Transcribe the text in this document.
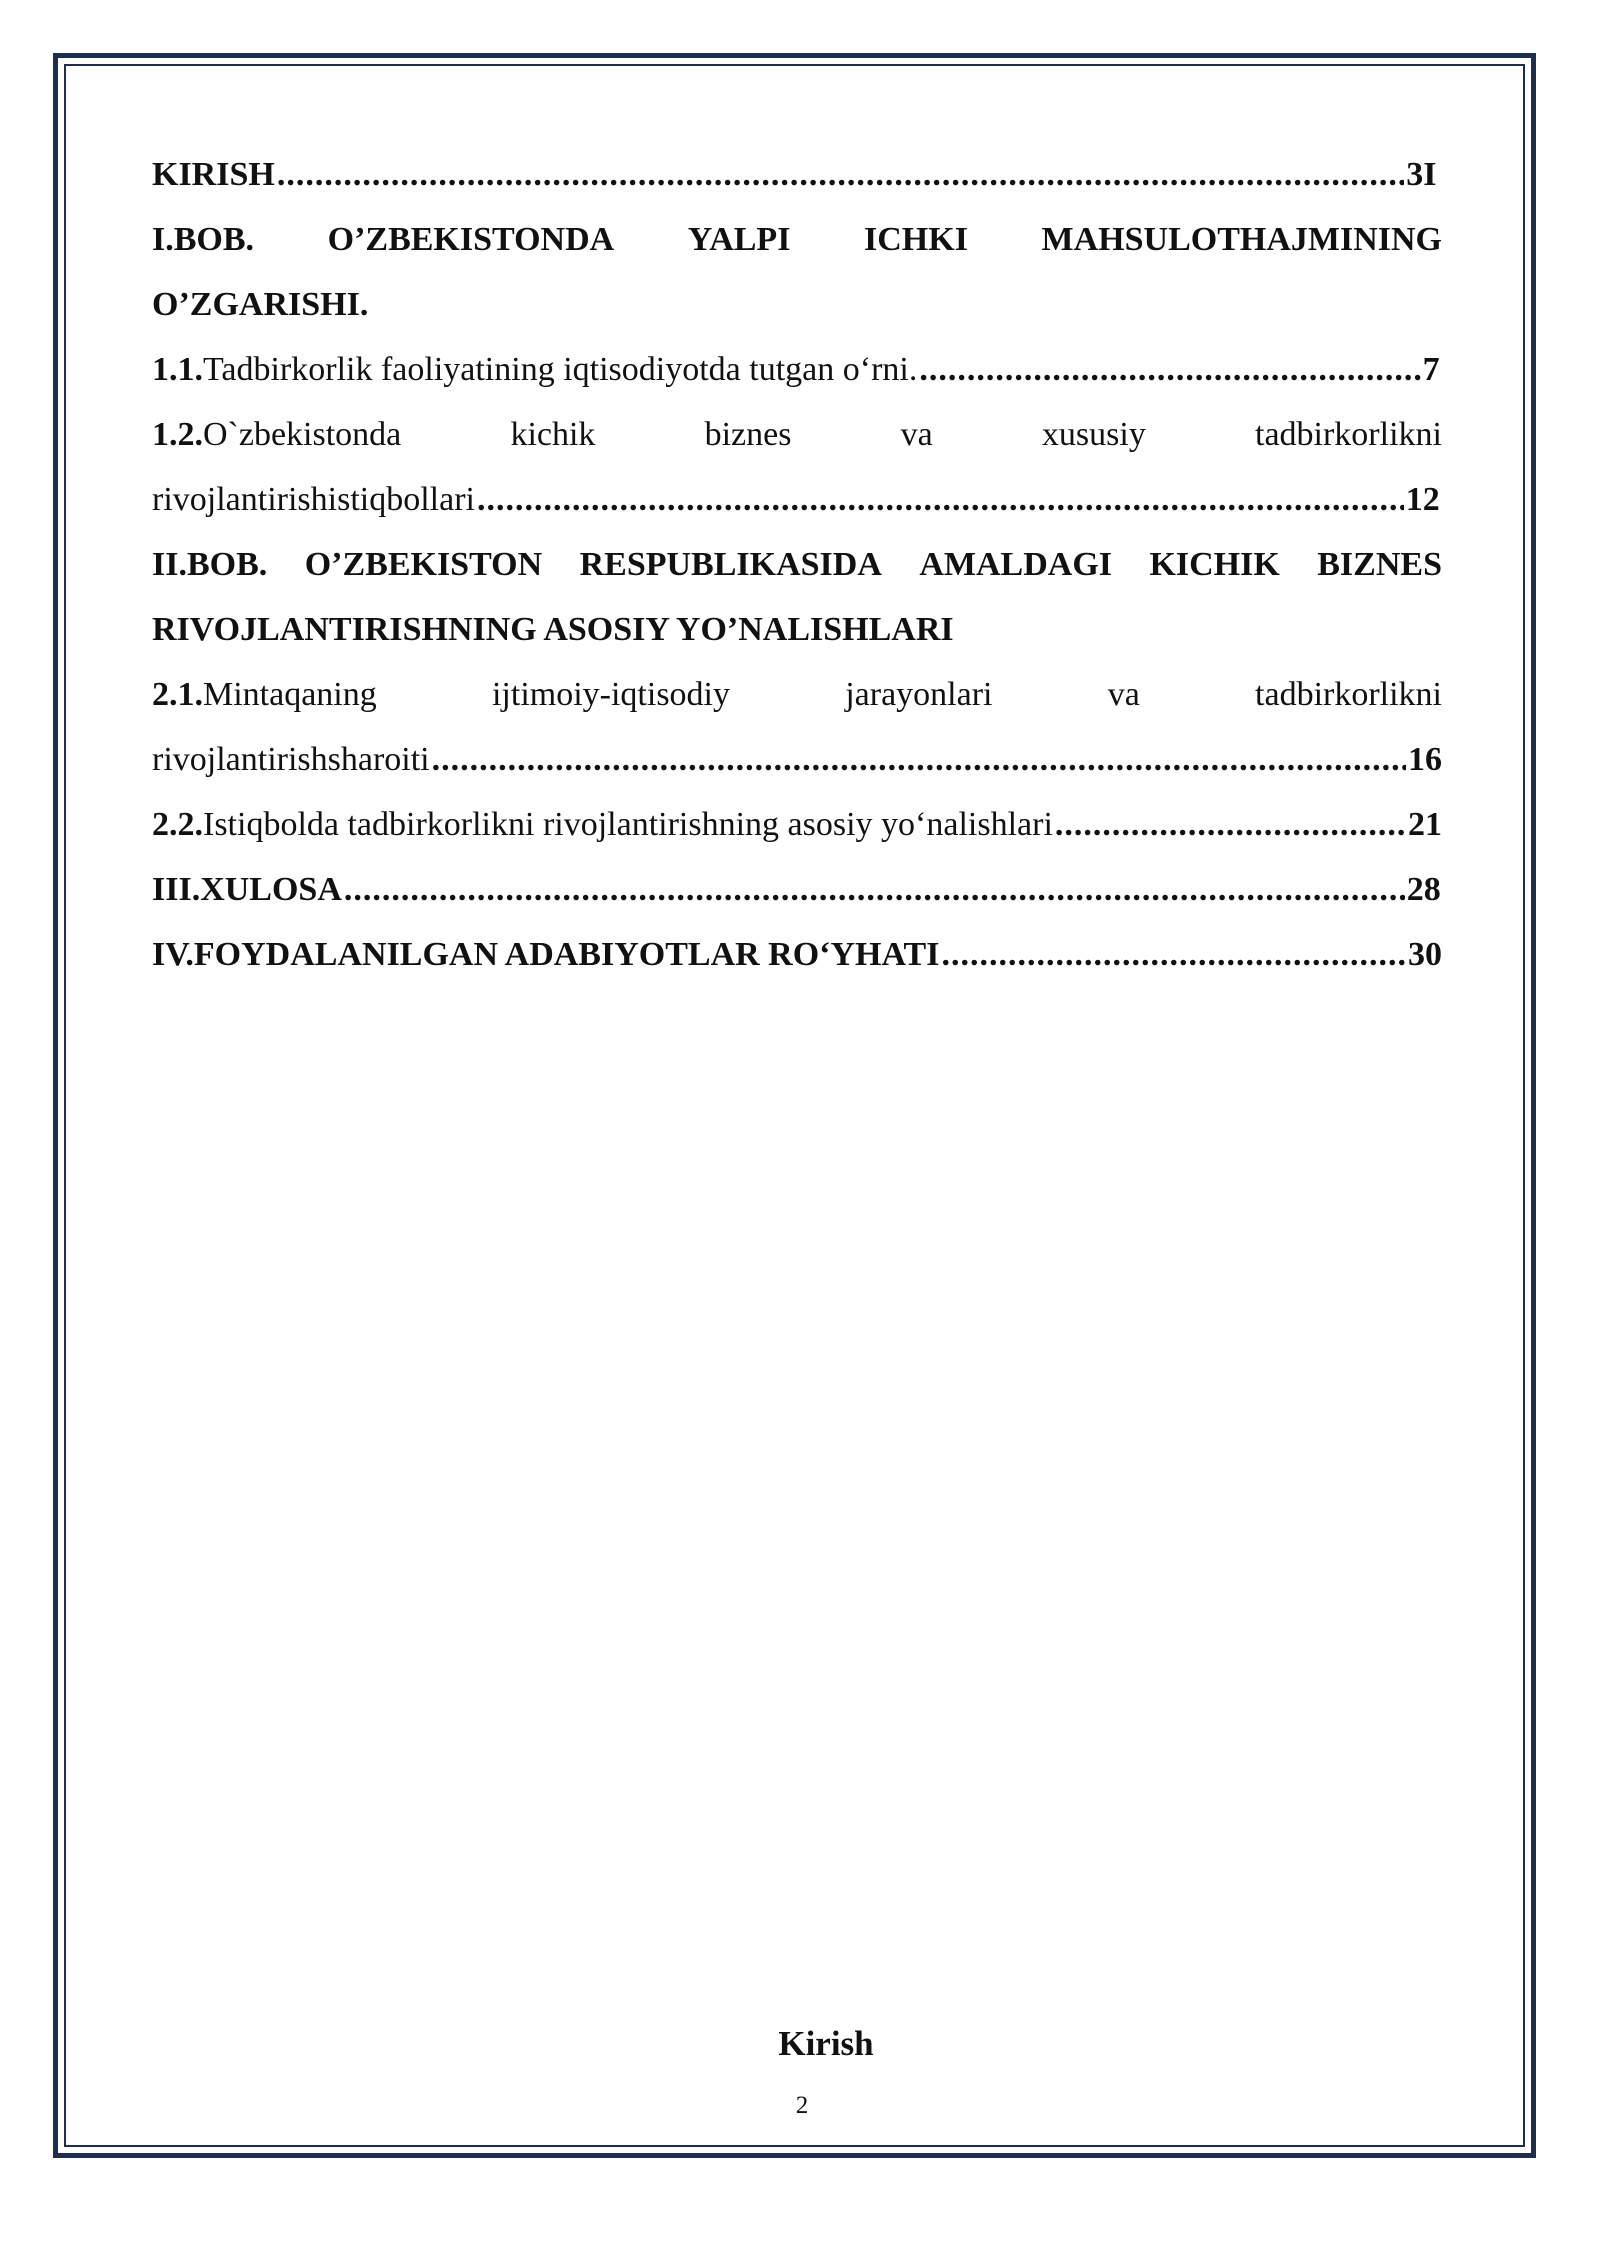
KIRISH .....	3I
I.BOB. O’ZBEKISTONDA YALPI ICHKI MAHSULOTHAJMINING
O’ZGARISHI.
1.1. Tadbirkorlik faoliyatining iqtisodiyotda tutgan o‘rni. .....	7
1.2.O`zbekistonda	kichik	biznes	va	xususiy	tadbirkorlikni
rivojlantirishistiqbollari .....	12
II.BOB. O’ZBEKISTON RESPUBLIKASIDA AMALDAGI KICHIK BIZNES
RIVOJLANTIRISHNING ASOSIY YO’NALISHLARI
2.1.Mintaqaning	ijtimoiy-iqtisodiy	jarayonlari	va	tadbirkorlikni
rivojlantirishsharoiti .....	16
2.2. Istiqbolda tadbirkorlikni rivojlantirishning asosiy yo‘nalishlari .....	21
III.XULOSA .....	28
IV.FOYDALANILGAN ADABIYOTLAR RO‘YHATI .....	30
Kirish
2
